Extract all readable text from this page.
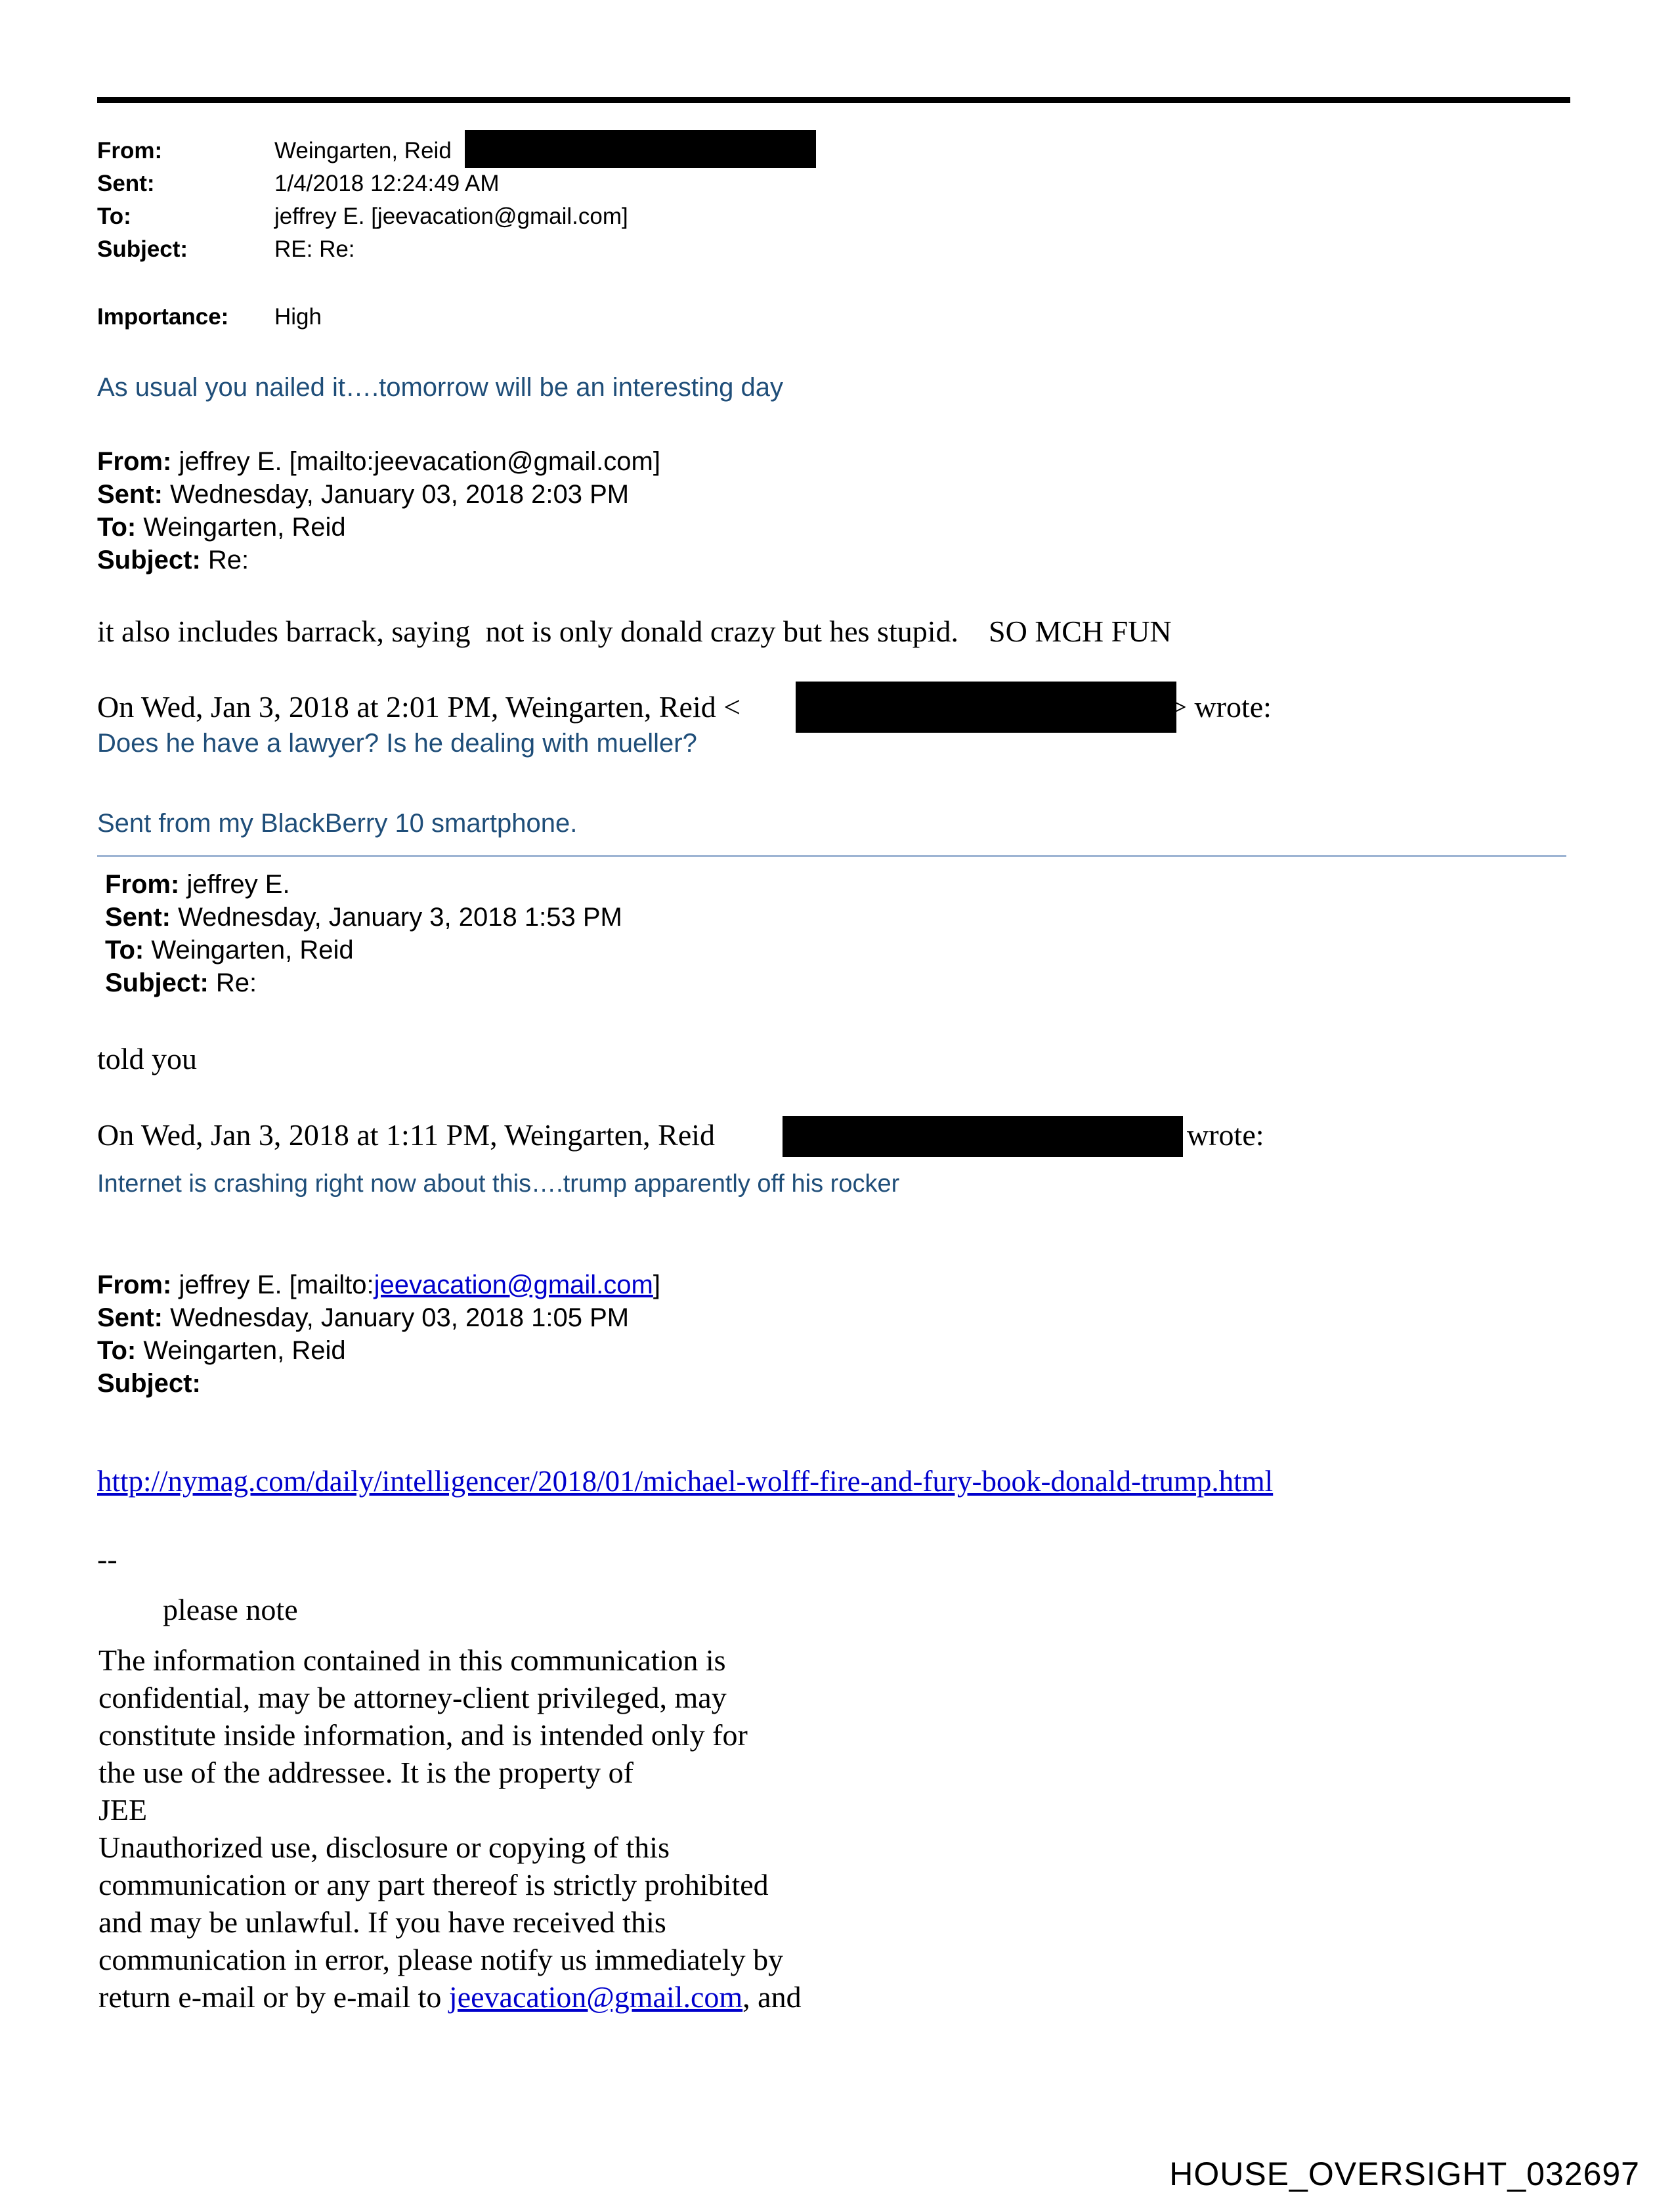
From:	Weingarten, Reid
Sent:	1/4/2018 12:24:49 AM
To:	jeffrey E. [jeevacation@gmail.com]
Subject:	RE: Re:
Importance: High
As usual you nailed it….tomorrow will be an interesting day
From: jeffrey E. [mailto:jeevacation@gmail.com]
Sent: Wednesday, January 03, 2018 2:03 PM
To: Weingarten, Reid
Subject: Re:
it also includes barrack, saying  not is only donald crazy but hes stupid.    SO MCH FUN
On Wed, Jan 3, 2018 at 2:01 PM, Weingarten, Reid <	> wrote:
Does he have a lawyer? Is he dealing with mueller?
Sent from my BlackBerry 10 smartphone.
From: jeffrey E.
Sent: Wednesday, January 3, 2018 1:53 PM
To: Weingarten, Reid
Subject: Re:
told you
On Wed, Jan 3, 2018 at 1:11 PM, Weingarten, Reid	wrote:
Internet is crashing right now about this….trump apparently off his rocker
From: jeffrey E. [mailto:jeevacation@gmail.com]
Sent: Wednesday, January 03, 2018 1:05 PM
To: Weingarten, Reid
Subject:
http://nymag.com/daily/intelligencer/2018/01/michael-wolff-fire-and-fury-book-donald-trump.html
--
please note
The information contained in this communication is
confidential, may be attorney-client privileged, may
constitute inside information, and is intended only for
the use of the addressee. It is the property of
JEE
Unauthorized use, disclosure or copying of this
communication or any part thereof is strictly prohibited
and may be unlawful. If you have received this
communication in error, please notify us immediately by
return e-mail or by e-mail to jeevacation@gmail.com, and
HOUSE_OVERSIGHT_032697
